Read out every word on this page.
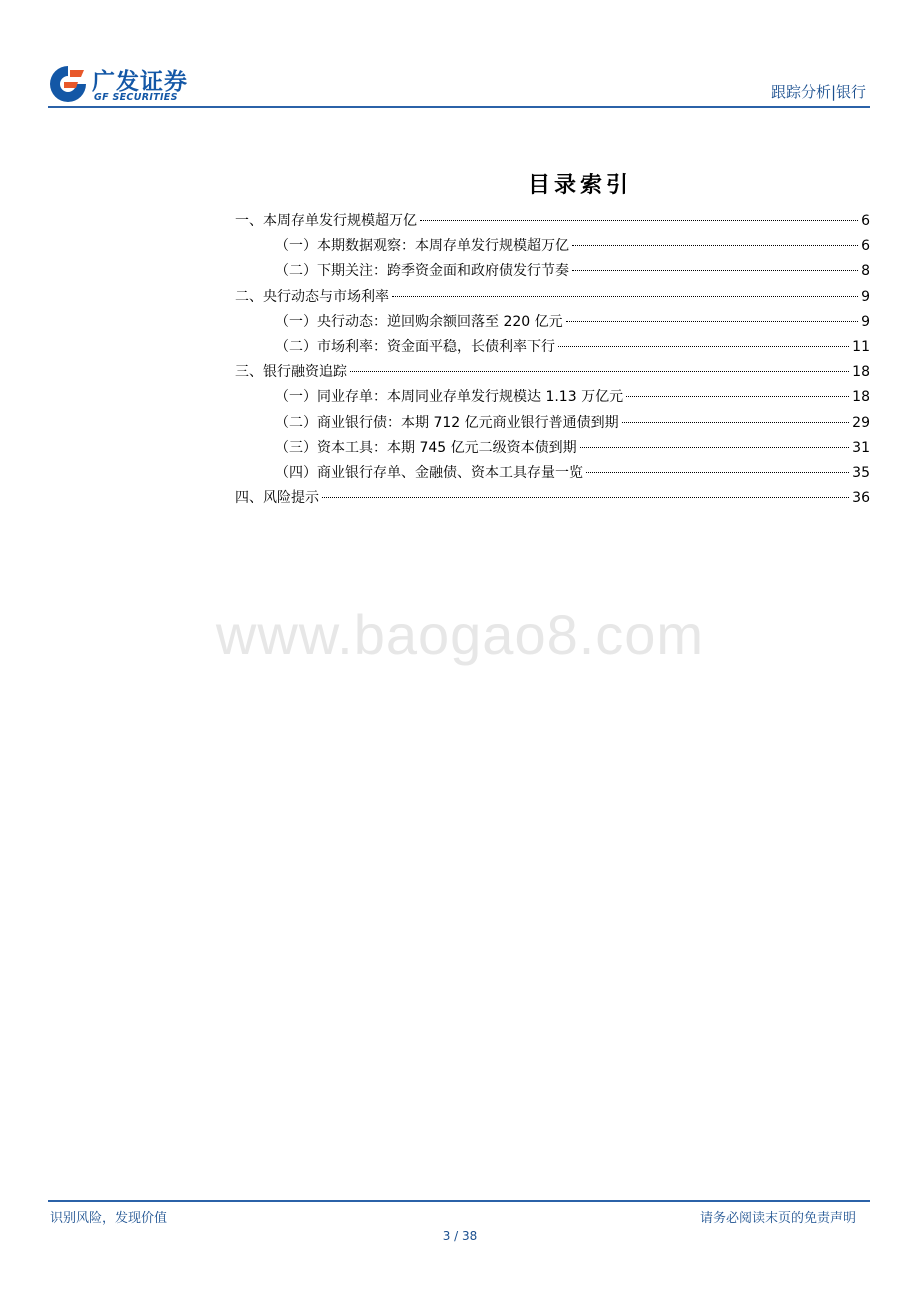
广发证券
GF SECURITIES	跟踪分析|银行
目录索引
一、本周存单发行规模超万亿	6
（一）本期数据观察：本周存单发行规模超万亿	6
（二）下期关注：跨季资金面和政府债发行节奏	8
二、央行动态与市场利率	9
（一）央行动态：逆回购余额回落至 220 亿元	9
（二）市场利率：资金面平稳，长债利率下行	11
三、银行融资追踪	18
（一）同业存单：本周同业存单发行规模达 1.13 万亿元	18
（二）商业银行债：本期 712 亿元商业银行普通债到期	29
（三）资本工具：本期 745 亿元二级资本债到期	31
（四）商业银行存单、金融债、资本工具存量一览	35
四、风险提示	36
www.baogao8.com
识别风险，发现价值	请务必阅读末页的免责声明
3 / 38
